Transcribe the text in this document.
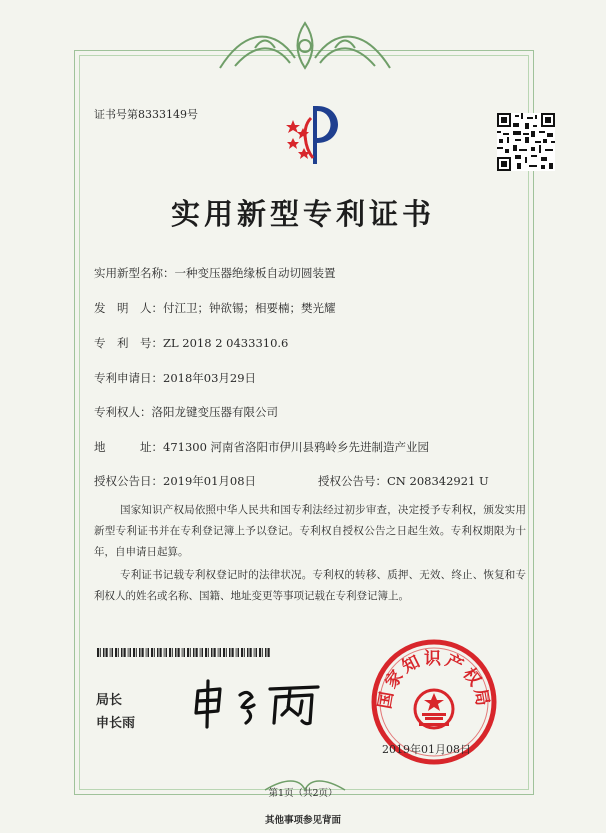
证书号第8333149号
实用新型专利证书
实用新型名称：一种变压器绝缘板自动切圆装置
发　明　人：付江卫；钟欲锡；相要楠；樊光耀
专　利　号：ZL 2018 2 0433310.6
专利申请日：2018年03月29日
专利权人：洛阳龙键变压器有限公司
地　　　址：471300 河南省洛阳市伊川县鸦岭乡先进制造产业园
授权公告日：2019年01月08日	授权公告号：CN 208342921 U
国家知识产权局依照中华人民共和国专利法经过初步审查，决定授予专利权，颁发实用新型专利证书并在专利登记簿上予以登记。专利权自授权公告之日起生效。专利权期限为十年，自申请日起算。
专利证书记载专利权登记时的法律状况。专利权的转移、质押、无效、终止、恢复和专利权人的姓名或名称、国籍、地址变更等事项记载在专利登记簿上。
局长
申长雨
国家知识产权局
2019年01月08日
第1页（共2页）
其他事项参见背面
